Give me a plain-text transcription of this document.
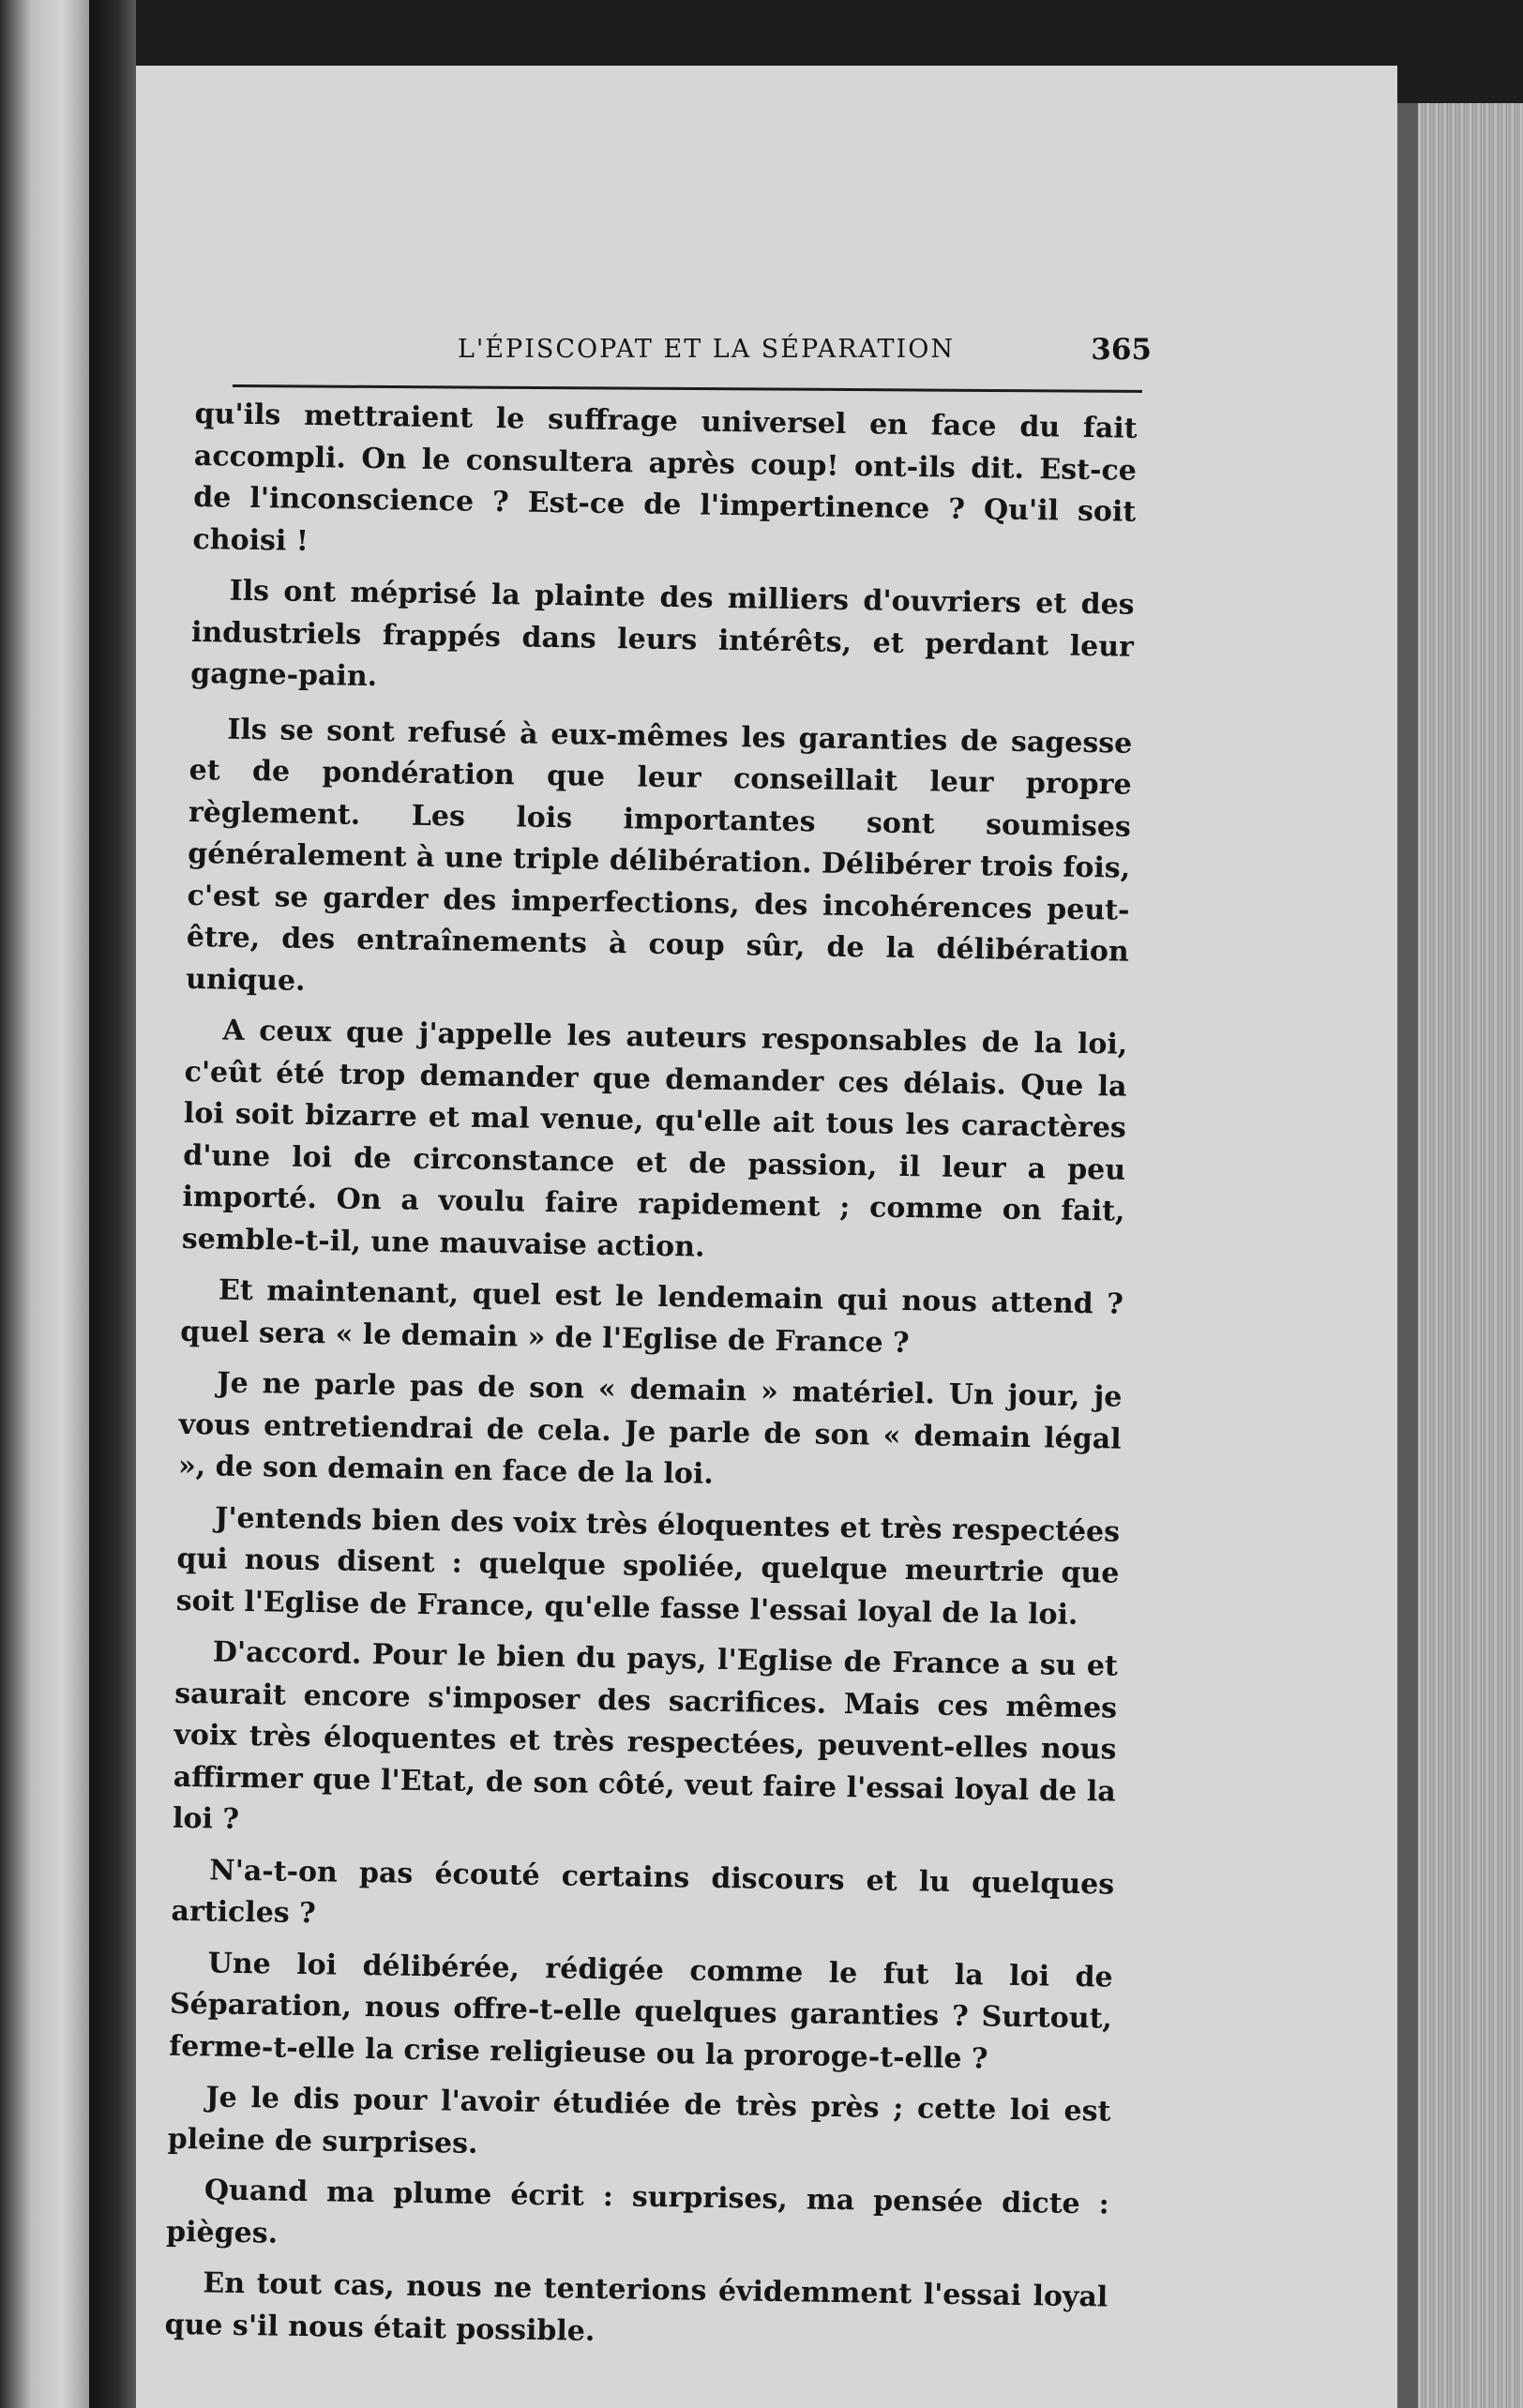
L'ÉPISCOPAT ET LA SÉPARATION	365

qu'ils mettraient le suffrage universel en face du fait accompli. On le consultera après coup! ont-ils dit. Est-ce de l'inconscience ? Est-ce de l'impertinence ? Qu'il soit choisi !

Ils ont méprisé la plainte des milliers d'ouvriers et des industriels frappés dans leurs intérêts, et perdant leur gagne-pain.

Ils se sont refusé à eux-mêmes les garanties de sagesse et de pondération que leur conseillait leur propre règlement. Les lois importantes sont soumises généralement à une triple délibération. Délibérer trois fois, c'est se garder des imperfections, des incohérences peut-être, des entraînements à coup sûr, de la délibération unique.

A ceux que j'appelle les auteurs responsables de la loi, c'eût été trop demander que demander ces délais. Que la loi soit bizarre et mal venue, qu'elle ait tous les caractères d'une loi de circonstance et de passion, il leur a peu importé. On a voulu faire rapidement ; comme on fait, semble-t-il, une mauvaise action.

Et maintenant, quel est le lendemain qui nous attend ? quel sera « le demain » de l'Eglise de France ?

Je ne parle pas de son « demain » matériel. Un jour, je vous entretiendrai de cela. Je parle de son « demain légal », de son demain en face de la loi.

J'entends bien des voix très éloquentes et très respectées qui nous disent : quelque spoliée, quelque meurtrie que soit l'Eglise de France, qu'elle fasse l'essai loyal de la loi.

D'accord. Pour le bien du pays, l'Eglise de France a su et saurait encore s'imposer des sacrifices. Mais ces mêmes voix très éloquentes et très respectées, peuvent-elles nous affirmer que l'Etat, de son côté, veut faire l'essai loyal de la loi ?

N'a-t-on pas écouté certains discours et lu quelques articles ?

Une loi délibérée, rédigée comme le fut la loi de Séparation, nous offre-t-elle quelques garanties ? Surtout, ferme-t-elle la crise religieuse ou la proroge-t-elle ?

Je le dis pour l'avoir étudiée de très près ; cette loi est pleine de surprises.

Quand ma plume écrit : surprises, ma pensée dicte : pièges.

En tout cas, nous ne tenterions évidemment l'essai loyal que s'il nous était possible.
